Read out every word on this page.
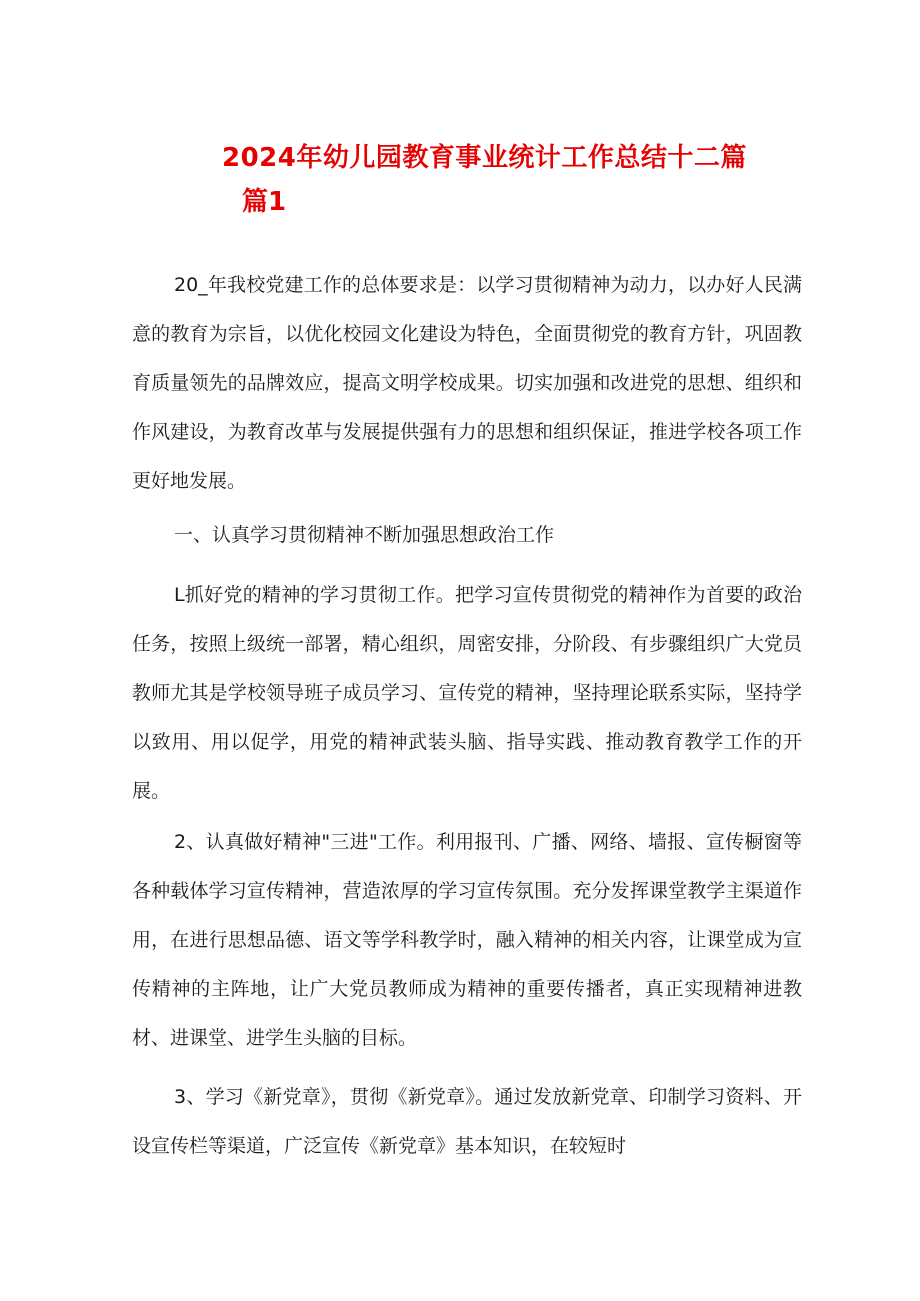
2024年幼儿园教育事业统计工作总结十二篇
篇1

20_年我校党建工作的总体要求是：以学习贯彻精神为动力，以办好人民满意的教育为宗旨，以优化校园文化建设为特色，全面贯彻党的教育方针，巩固教育质量领先的品牌效应，提高文明学校成果。切实加强和改进党的思想、组织和作风建设，为教育改革与发展提供强有力的思想和组织保证，推进学校各项工作更好地发展。

一、认真学习贯彻精神不断加强思想政治工作

L抓好党的精神的学习贯彻工作。把学习宣传贯彻党的精神作为首要的政治任务，按照上级统一部署，精心组织，周密安排，分阶段、有步骤组织广大党员教师尤其是学校领导班子成员学习、宣传党的精神，坚持理论联系实际，坚持学以致用、用以促学，用党的精神武装头脑、指导实践、推动教育教学工作的开展。

2、认真做好精神"三进"工作。利用报刊、广播、网络、墙报、宣传橱窗等各种载体学习宣传精神，营造浓厚的学习宣传氛围。充分发挥课堂教学主渠道作用，在进行思想品德、语文等学科教学时，融入精神的相关内容，让课堂成为宣传精神的主阵地，让广大党员教师成为精神的重要传播者，真正实现精神进教材、进课堂、进学生头脑的目标。

3、学习《新党章》，贯彻《新党章》。通过发放新党章、印制学习资料、开设宣传栏等渠道，广泛宣传《新党章》基本知识，在较短时
